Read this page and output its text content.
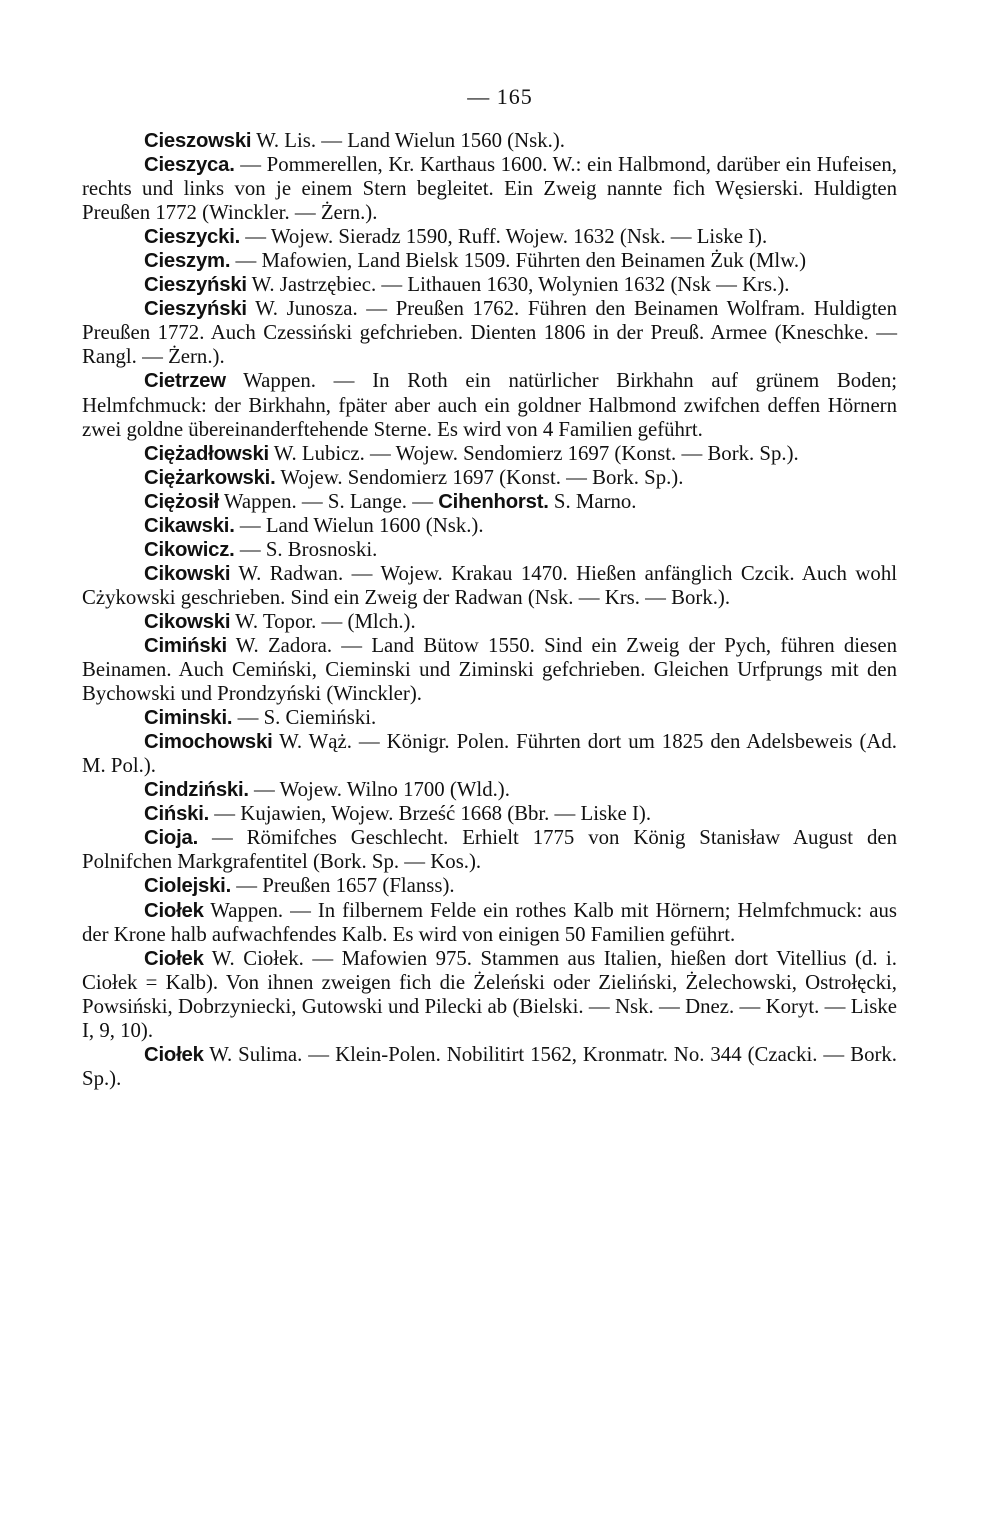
— 165

Cieszowski W. Lis. — Land Wielun 1560 (Nsk.).

Cieszyca. — Pommerellen, Kr. Karthaus 1600. W.: ein Halbmond, darüber ein Hufeisen, rechts und links von je einem Stern begleitet. Ein Zweig nannte fich Węsierski. Huldigten Preußen 1772 (Winckler. — Żern.).

Cieszycki. — Wojew. Sieradz 1590, Ruff. Wojew. 1632 (Nsk. — Liske I).

Cieszym. — Mafowien, Land Bielsk 1509. Führten den Beinamen Żuk (Mlw.)

Cieszyński W. Jastrzębiec. — Lithauen 1630, Wolynien 1632 (Nsk — Krs.).

Cieszyński W. Junosza. — Preußen 1762. Führen den Beinamen Wolfram. Huldigten Preußen 1772. Auch Czessiński gefchrieben. Dienten 1806 in der Preuß. Armee (Kneschke. — Rangl. — Żern.).

Cietrzew Wappen. — In Roth ein natürlicher Birkhahn auf grünem Boden; Helmfchmuck: der Birkhahn, fpäter aber auch ein goldner Halbmond zwifchen deffen Hörnern zwei goldne übereinanderftehende Sterne. Es wird von 4 Familien geführt.

Ciężadłowski W. Lubicz. — Wojew. Sendomierz 1697 (Konst. — Bork. Sp.).

Ciężarkowski. Wojew. Sendomierz 1697 (Konst. — Bork. Sp.).

Ciężosił Wappen. — S. Lange. — Cihenhorst. S. Marno.

Cikawski. — Land Wielun 1600 (Nsk.).

Cikowicz. — S. Brosnoski.

Cikowski W. Radwan. — Wojew. Krakau 1470. Hießen anfänglich Czcik. Auch wohl Cżykowski geschrieben. Sind ein Zweig der Radwan (Nsk. — Krs. — Bork.).

Cikowski W. Topor. — (Mlch.).

Cimiński W. Zadora. — Land Bütow 1550. Sind ein Zweig der Pych, führen diesen Beinamen. Auch Cemiński, Cieminski und Ziminski gefchrieben. Gleichen Urfprungs mit den Bychowski und Prondzyński (Winckler).

Ciminski. — S. Ciemiński.

Cimochowski W. Wąż. — Königr. Polen. Führten dort um 1825 den Adelsbeweis (Ad. M. Pol.).

Cindziński. — Wojew. Wilno 1700 (Wld.).

Ciński. — Kujawien, Wojew. Brześć 1668 (Bbr. — Liske I).

Cioja. — Römifches Geschlecht. Erhielt 1775 von König Stanisław August den Polnifchen Markgrafentitel (Bork. Sp. — Kos.).

Ciolejski. — Preußen 1657 (Flanss).

Ciołek Wappen. — In filbernem Felde ein rothes Kalb mit Hörnern; Helmfchmuck: aus der Krone halb aufwachfendes Kalb. Es wird von einigen 50 Familien geführt.

Ciołek W. Ciołek. — Mafowien 975. Stammen aus Italien, hießen dort Vitellius (d. i. Ciołek = Kalb). Von ihnen zweigen fich die Żeleński oder Zieliński, Żelechowski, Ostrołęcki, Powsiński, Dobrzyniecki, Gutowski und Pilecki ab (Bielski. — Nsk. — Dnez. — Koryt. — Liske I, 9, 10).

Ciołek W. Sulima. — Klein-Polen. Nobilitirt 1562, Kronmatr. No. 344 (Czacki. — Bork. Sp.).
